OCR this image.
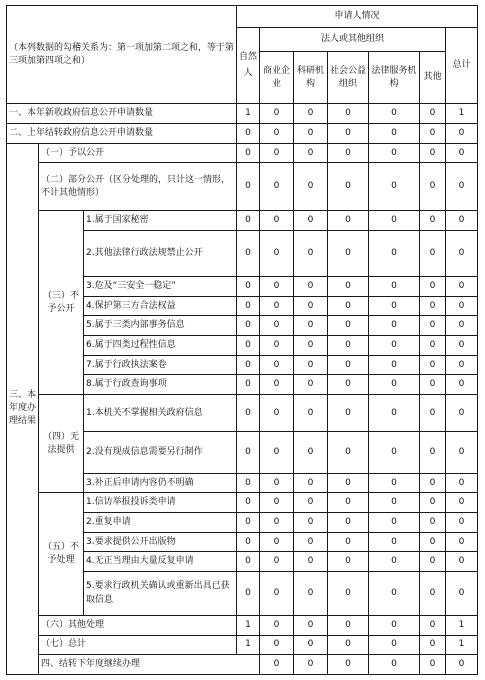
（本列数据的勾稽关系为：第一项加第二项之和，等于第三项加第四项之和）			申请人情况							
			自然人	法人或其他组织					总计	
				商业企业	科研机构	社会公益组织	法律服务机构	其他		
一、本年新收政府信息公开申请数量			1	0	0	0	0	0	1	
二、上年结转政府信息公开申请数量			0	0	0	0	0	0	0	
三、本年度办理结果	（一）予以公开		0	0	0	0	0	0	0	
	（二）部分公开（区分处理的，只计这一情形，不计其他情形）		0	0	0	0	0	0	0	
	（三）不予公开	1.属于国家秘密	0	0	0	0	0	0	0	
		2.其他法律行政法规禁止公开	0	0	0	0	0	0	0	
		3.危及“三安全一稳定”	0	0	0	0	0	0	0	
		4.保护第三方合法权益	0	0	0	0	0	0	0	
		5.属于三类内部事务信息	0	0	0	0	0	0	0	
		6.属于四类过程性信息	0	0	0	0	0	0	0	
		7.属于行政执法案卷	0	0	0	0	0	0	0	
		8.属于行政查询事项	0	0	0	0	0	0	0	
	（四）无法提供	1.本机关不掌握相关政府信息	0	0	0	0	0	0	0	
		2.没有现成信息需要另行制作	0	0	0	0	0	0	0	
		3.补正后申请内容仍不明确	0	0	0	0	0	0	0	
	（五）不予处理	1.信访举报投诉类申请	0	0	0	0	0	0	0	
		2.重复申请	0	0	0	0	0	0	0	
		3.要求提供公开出版物	0	0	0	0	0	0	0	
		4.无正当理由大量反复申请	0	0	0	0	0	0	0	
		5.要求行政机关确认或重新出具已获取信息	0	0	0	0	0	0	0	
	（六）其他处理		1	0	0	0	0	0	1	
	（七）总计		1	0	0	0	0	0	1	
	四、结转下年度继续办理			0	0	0	0	0	0	
